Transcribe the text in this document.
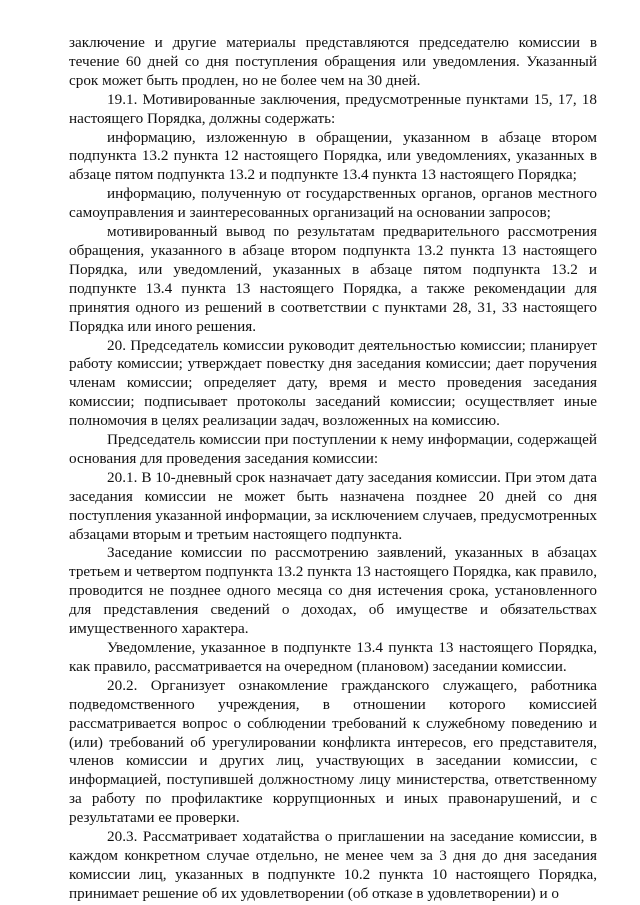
заключение и другие материалы представляются председателю комиссии в течение 60 дней со дня поступления обращения или уведомления. Указанный срок может быть продлен, но не более чем на 30 дней.

19.1. Мотивированные заключения, предусмотренные пунктами 15, 17, 18 настоящего Порядка, должны содержать:

информацию, изложенную в обращении, указанном в абзаце втором подпункта 13.2 пункта 12 настоящего Порядка, или уведомлениях, указанных в абзаце пятом подпункта 13.2 и подпункте 13.4 пункта 13 настоящего Порядка;

информацию, полученную от государственных органов, органов местного самоуправления и заинтересованных организаций на основании запросов;

мотивированный вывод по результатам предварительного рассмотрения обращения, указанного в абзаце втором подпункта 13.2 пункта 13 настоящего Порядка, или уведомлений, указанных в абзаце пятом подпункта 13.2 и подпункте 13.4 пункта 13 настоящего Порядка, а также рекомендации для принятия одного из решений в соответствии с пунктами 28, 31, 33 настоящего Порядка или иного решения.

20. Председатель комиссии руководит деятельностью комиссии; планирует работу комиссии; утверждает повестку дня заседания комиссии; дает поручения членам комиссии; определяет дату, время и место проведения заседания комиссии; подписывает протоколы заседаний комиссии; осуществляет иные полномочия в целях реализации задач, возложенных на комиссию.

Председатель комиссии при поступлении к нему информации, содержащей основания для проведения заседания комиссии:

20.1. В 10-дневный срок назначает дату заседания комиссии. При этом дата заседания комиссии не может быть назначена позднее 20 дней со дня поступления указанной информации, за исключением случаев, предусмотренных абзацами вторым и третьим настоящего подпункта.

Заседание комиссии по рассмотрению заявлений, указанных в абзацах третьем и четвертом подпункта 13.2 пункта 13 настоящего Порядка, как правило, проводится не позднее одного месяца со дня истечения срока, установленного для представления сведений о доходах, об имуществе и обязательствах имущественного характера.

Уведомление, указанное в подпункте 13.4 пункта 13 настоящего Порядка, как правило, рассматривается на очередном (плановом) заседании комиссии.

20.2. Организует ознакомление гражданского служащего, работника подведомственного учреждения, в отношении которого комиссией рассматривается вопрос о соблюдении требований к служебному поведению и (или) требований об урегулировании конфликта интересов, его представителя, членов комиссии и других лиц, участвующих в заседании комиссии, с информацией, поступившей должностному лицу министерства, ответственному за работу по профилактике коррупционных и иных правонарушений, и с результатами ее проверки.

20.3. Рассматривает ходатайства о приглашении на заседание комиссии, в каждом конкретном случае отдельно, не менее чем за 3 дня до дня заседания комиссии лиц, указанных в подпункте 10.2 пункта 10 настоящего Порядка, принимает решение об их удовлетворении (об отказе в удовлетворении) и о
